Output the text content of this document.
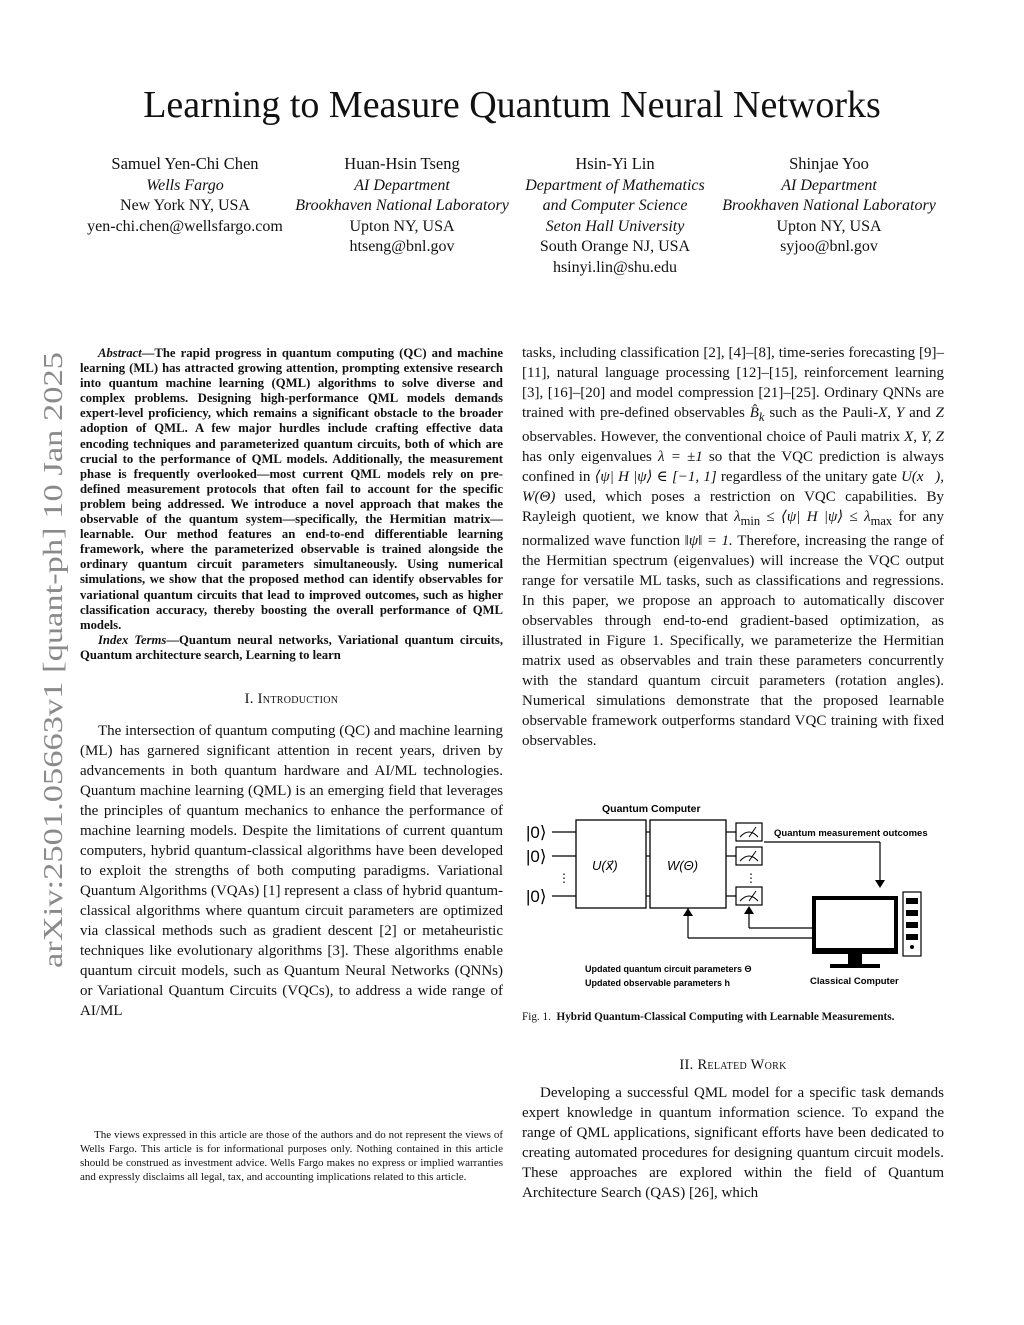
Learning to Measure Quantum Neural Networks
Samuel Yen-Chi Chen
Wells Fargo
New York NY, USA
yen-chi.chen@wellsfargo.com
Huan-Hsin Tseng
AI Department
Brookhaven National Laboratory
Upton NY, USA
htseng@bnl.gov
Hsin-Yi Lin
Department of Mathematics
and Computer Science
Seton Hall University
South Orange NJ, USA
hsinyi.lin@shu.edu
Shinjae Yoo
AI Department
Brookhaven National Laboratory
Upton NY, USA
syjoo@bnl.gov
arXiv:2501.05663v1 [quant-ph] 10 Jan 2025

Abstract—The rapid progress in quantum computing (QC) and machine learning (ML) has attracted growing attention, prompting extensive research into quantum machine learning (QML) algorithms to solve diverse and complex problems. Designing high-performance QML models demands expert-level proficiency, which remains a significant obstacle to the broader adoption of QML. A few major hurdles include crafting effective data encoding techniques and parameterized quantum circuits, both of which are crucial to the performance of QML models. Additionally, the measurement phase is frequently overlooked—most current QML models rely on pre-defined measurement protocols that often fail to account for the specific problem being addressed. We introduce a novel approach that makes the observable of the quantum system—specifically, the Hermitian matrix—learnable. Our method features an end-to-end differentiable learning framework, where the parameterized observable is trained alongside the ordinary quantum circuit parameters simultaneously. Using numerical simulations, we show that the proposed method can identify observables for variational quantum circuits that lead to improved outcomes, such as higher classification accuracy, thereby boosting the overall performance of QML models.

Index Terms—Quantum neural networks, Variational quantum circuits, Quantum architecture search, Learning to learn

I. Introduction

The intersection of quantum computing (QC) and machine learning (ML) has garnered significant attention in recent years, driven by advancements in both quantum hardware and AI/ML technologies. Quantum machine learning (QML) is an emerging field that leverages the principles of quantum mechanics to enhance the performance of machine learning models. Despite the limitations of current quantum computers, hybrid quantum-classical algorithms have been developed to exploit the strengths of both computing paradigms. Variational Quantum Algorithms (VQAs) [1] represent a class of hybrid quantum-classical algorithms where quantum circuit parameters are optimized via classical methods such as gradient descent [2] or metaheuristic techniques like evolutionary algorithms [3]. These algorithms enable quantum circuit models, such as Quantum Neural Networks (QNNs) or Variational Quantum Circuits (VQCs), to address a wide range of AI/ML

The views expressed in this article are those of the authors and do not represent the views of Wells Fargo. This article is for informational purposes only. Nothing contained in this article should be construed as investment advice. Wells Fargo makes no express or implied warranties and expressly disclaims all legal, tax, and accounting implications related to this article.

tasks, including classification [2], [4]–[8], time-series forecasting [9]–[11], natural language processing [12]–[15], reinforcement learning [3], [16]–[20] and model compression [21]–[25]. Ordinary QNNs are trained with pre-defined observables $B̂_k$ such as the Pauli-X, Y and Z observables. However, the conventional choice of Pauli matrix X, Y, Z has only eigenvalues λ = ±1 so that the VQC prediction is always confined in ⟨ψ| H |ψ⟩ ∈ [−1, 1] regardless of the unitary gate U(x⃗), W(Θ) used, which poses a restriction on VQC capabilities. By Rayleigh quotient, we know that $\lambda_{min}$ ≤ ⟨ψ| H |ψ⟩ ≤ $\lambda_{max}$ for any normalized wave function ‖ψ‖ = 1. Therefore, increasing the range of the Hermitian spectrum (eigenvalues) will increase the VQC output range for versatile ML tasks, such as classifications and regressions. In this paper, we propose an approach to automatically discover observables through end-to-end gradient-based optimization, as illustrated in Figure 1. Specifically, we parameterize the Hermitian matrix used as observables and train these parameters concurrently with the standard quantum circuit parameters (rotation angles). Numerical simulations demonstrate that the proposed learnable observable framework outperforms standard VQC training with fixed observables.

Quantum Computer
|0⟩
|0⟩
|0⟩
⋮
U(x⃗)	W(Θ)
⋮
Quantum measurement outcomes
Classical Computer
Updated quantum circuit parameters Θ
Updated observable parameters h

Fig. 1. Hybrid Quantum-Classical Computing with Learnable Measurements.

II. Related Work

Developing a successful QML model for a specific task demands expert knowledge in quantum information science. To expand the range of QML applications, significant efforts have been dedicated to creating automated procedures for designing quantum circuit models. These approaches are explored within the field of Quantum Architecture Search (QAS) [26], which
